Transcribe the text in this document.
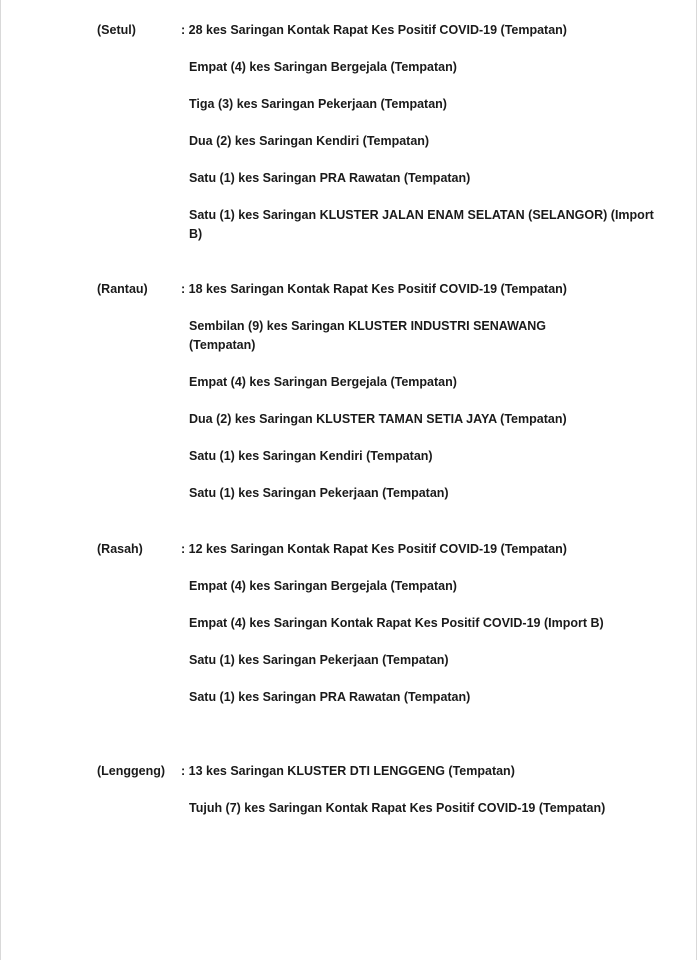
(Setul)	: 28 kes Saringan Kontak Rapat Kes Positif COVID-19 (Tempatan)
Empat (4) kes Saringan Bergejala (Tempatan)
Tiga (3) kes Saringan Pekerjaan (Tempatan)
Dua (2) kes Saringan Kendiri (Tempatan)
Satu (1) kes Saringan PRA Rawatan (Tempatan)
Satu (1) kes Saringan KLUSTER JALAN ENAM SELATAN (SELANGOR) (Import B)
(Rantau)	: 18 kes Saringan Kontak Rapat Kes Positif COVID-19 (Tempatan)
Sembilan (9) kes Saringan KLUSTER INDUSTRI SENAWANG (Tempatan)
Empat (4) kes Saringan Bergejala (Tempatan)
Dua (2) kes Saringan KLUSTER TAMAN SETIA JAYA (Tempatan)
Satu (1) kes Saringan Kendiri (Tempatan)
Satu (1) kes Saringan Pekerjaan (Tempatan)
(Rasah)	: 12 kes Saringan Kontak Rapat Kes Positif COVID-19 (Tempatan)
Empat (4) kes Saringan Bergejala (Tempatan)
Empat (4) kes Saringan Kontak Rapat Kes Positif COVID-19 (Import B)
Satu (1) kes Saringan Pekerjaan (Tempatan)
Satu (1) kes Saringan PRA Rawatan (Tempatan)
(Lenggeng) : 13 kes Saringan KLUSTER DTI LENGGENG (Tempatan)
Tujuh (7) kes Saringan Kontak Rapat Kes Positif COVID-19 (Tempatan)
